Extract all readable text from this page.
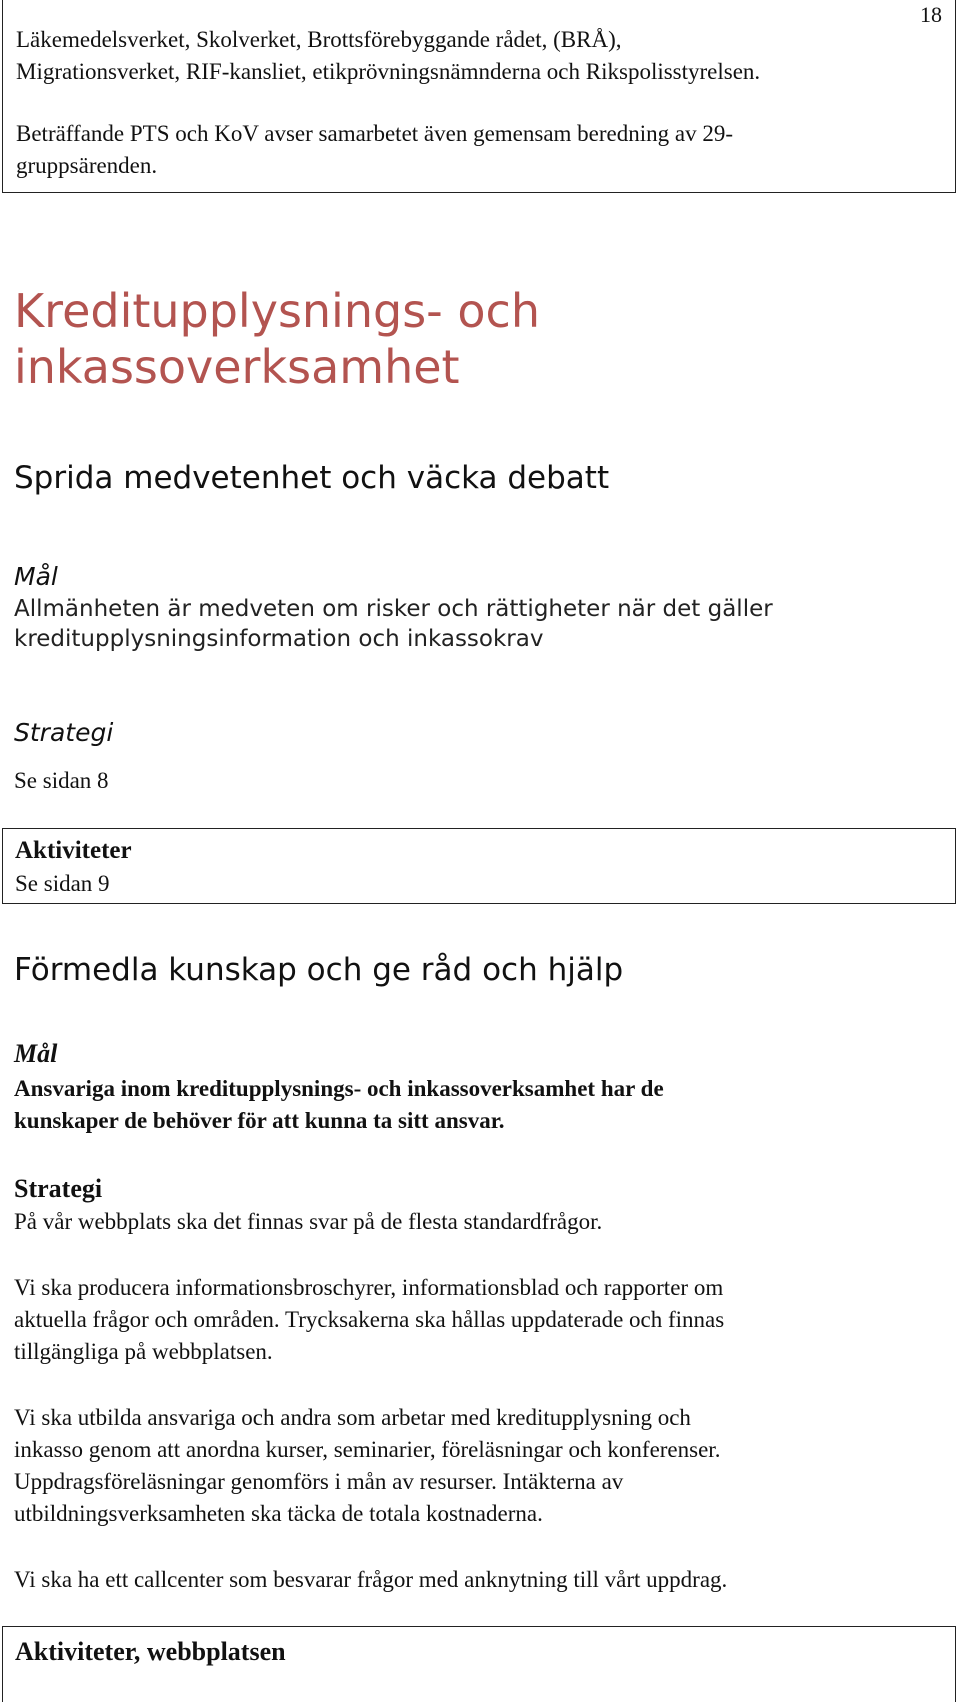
18

Läkemedelsverket, Skolverket, Brottsförebyggande rådet, (BRÅ),

Migrationsverket, RIF-kansliet, etikprövningsnämnderna och Rikspolisstyrelsen.

Beträffande PTS och KoV avser samarbetet även gemensam beredning av 29-

gruppsärenden.

Kreditupplysnings- och
inkassoverksamhet
Sprida medvetenhet och väcka debatt

Mål

Allmänheten är medveten om risker och rättigheter när det gäller

kreditupplysningsinformation och inkassokrav

Strategi

Se sidan 8

Aktiviteter
Se sidan 9
Förmedla kunskap och ge råd och hjälp

Mål

Ansvariga inom kreditupplysnings- och inkassoverksamhet har de

kunskaper de behöver för att kunna ta sitt ansvar.

Strategi

På vår webbplats ska det finnas svar på de flesta standardfrågor.

Vi ska producera informationsbroschyrer, informationsblad och rapporter om

aktuella frågor och områden. Trycksakerna ska hållas uppdaterade och finnas

tillgängliga på webbplatsen.

Vi ska utbilda ansvariga och andra som arbetar med kreditupplysning och

inkasso genom att anordna kurser, seminarier, föreläsningar och konferenser.

Uppdragsföreläsningar genomförs i mån av resurser. Intäkterna av

utbildningsverksamheten ska täcka de totala kostnaderna.

Vi ska ha ett callcenter som besvarar frågor med anknytning till vårt uppdrag.

Aktiviteter, webbplatsen
